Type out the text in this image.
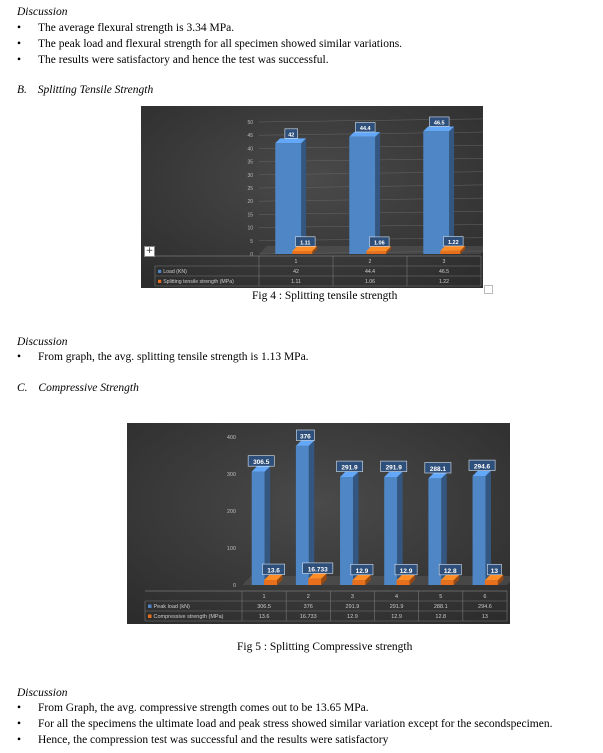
Discussion
• The average flexural strength is 3.34 MPa.
• The peak load and flexural strength for all specimen showed similar variations.
• The results were satisfactory and hence the test was successful.
B. Splitting Tensile Strength
0
5
10
15
20
25
30
35
40
45
50
42
44.4
46.5
1.11	1.06	1.22
1	2	3
Load (KN)	42	44.4	46.5
Splitting tensile strength (MPa)	1.11	1.06	1.22
+
Fig 4 : Splitting tensile strength
Discussion
• From graph, the avg. splitting tensile strength is 1.13 MPa.
C. Compressive Strength
0
100
200
300
400
306.5
376
291.9	291.9	288.1	294.6
13.6	16.733	12.9	12.9	12.8	13
1	2	3	4	5	6
Peak load (kN)	306.5	376	291.9	291.9	288.1	294.6
Compressive strength (MPa)	13.6	16.733	12.9	12.9	12.8	13
Fig 5 : Splitting Compressive strength
Discussion
• From Graph, the avg. compressive strength comes out to be 13.65 MPa.
• For all the specimens the ultimate load and peak stress showed similar variation except for the secondspecimen.
• Hence, the compression test was successful and the results were satisfactory
